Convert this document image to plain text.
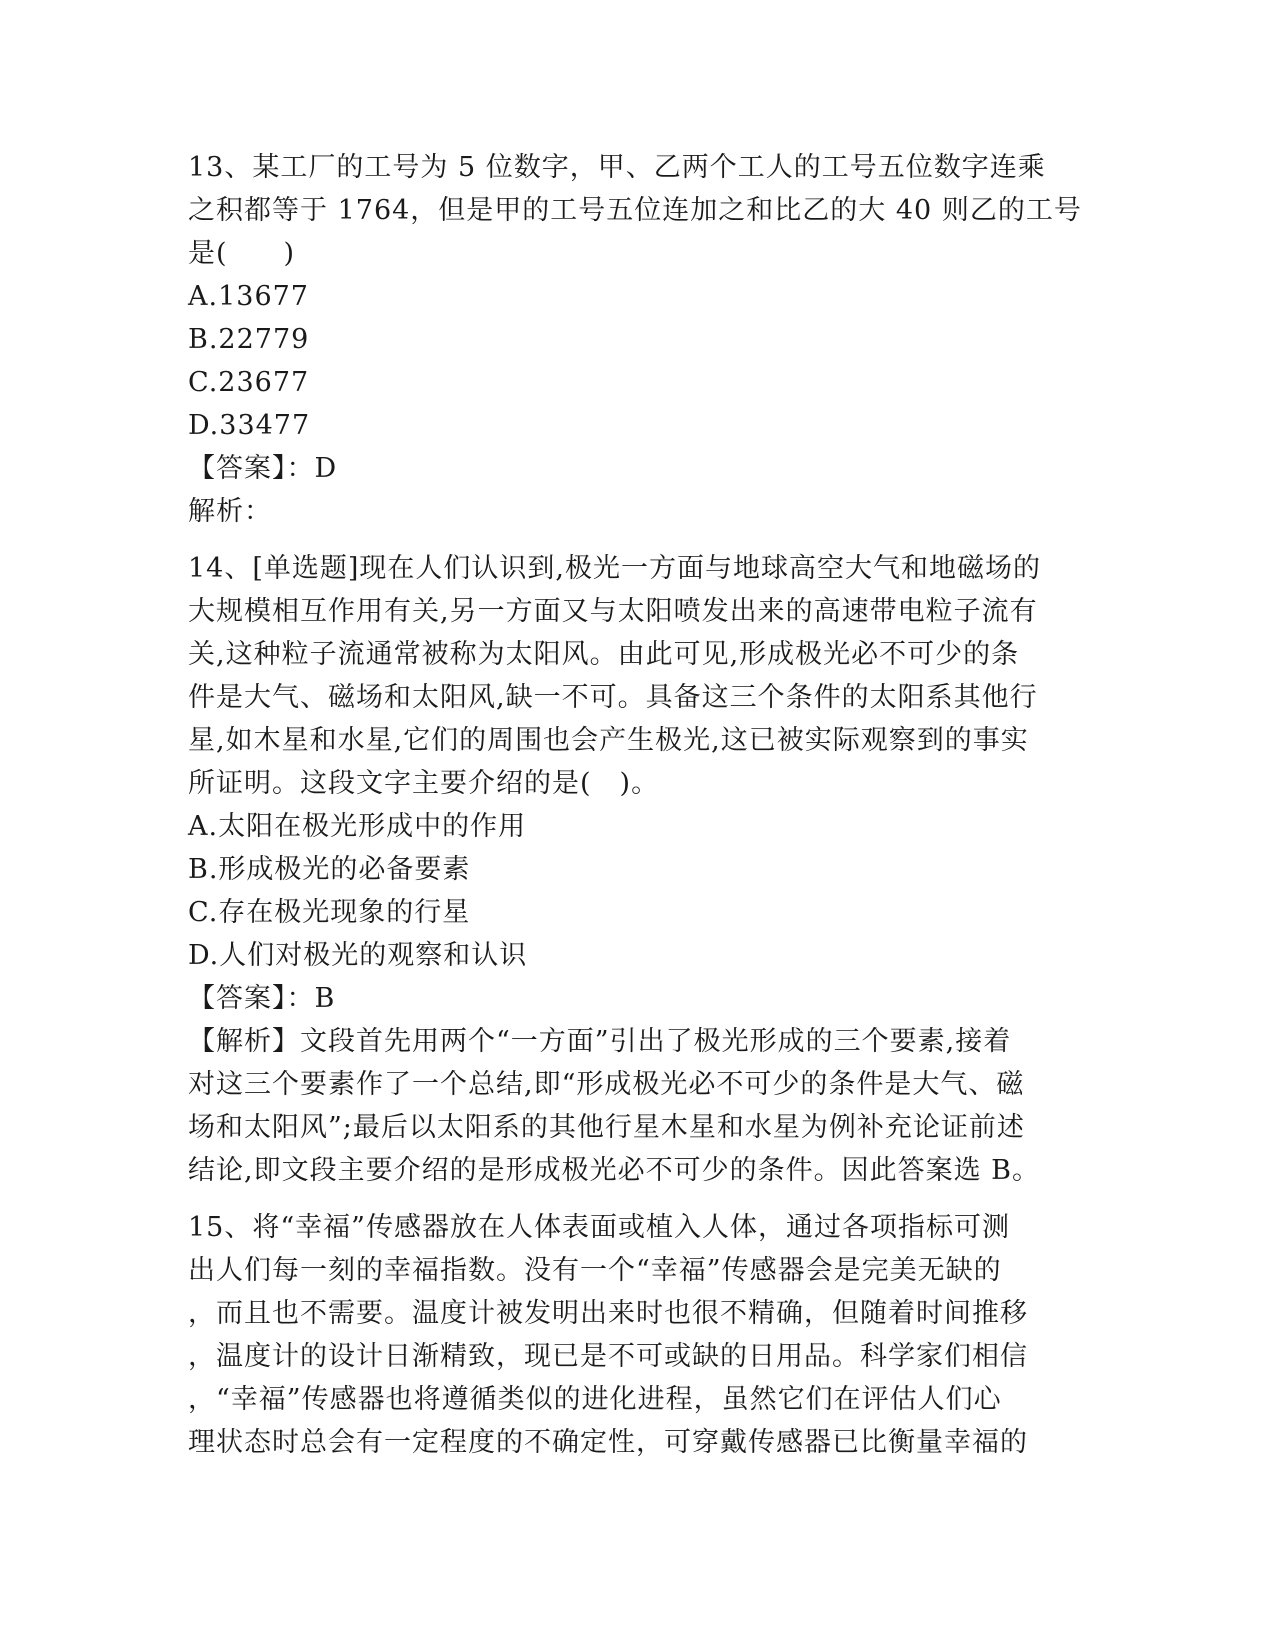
13、某工厂的工号为 5 位数字，甲、乙两个工人的工号五位数字连乘
之积都等于 1764，但是甲的工号五位连加之和比乙的大 40 则乙的工号
是(　　)
A.13677
B.22779
C.23677
D.33477
【答案】：D
解析：
14、[单选题]现在人们认识到,极光一方面与地球高空大气和地磁场的
大规模相互作用有关,另一方面又与太阳喷发出来的高速带电粒子流有
关,这种粒子流通常被称为太阳风。由此可见,形成极光必不可少的条
件是大气、磁场和太阳风,缺一不可。具备这三个条件的太阳系其他行
星,如木星和水星,它们的周围也会产生极光,这已被实际观察到的事实
所证明。这段文字主要介绍的是(　)。
A.太阳在极光形成中的作用
B.形成极光的必备要素
C.存在极光现象的行星
D.人们对极光的观察和认识
【答案】：B
【解析】文段首先用两个“一方面”引出了极光形成的三个要素,接着
对这三个要素作了一个总结,即“形成极光必不可少的条件是大气、磁
场和太阳风”;最后以太阳系的其他行星木星和水星为例补充论证前述
结论,即文段主要介绍的是形成极光必不可少的条件。因此答案选 B。
15、将“幸福”传感器放在人体表面或植入人体，通过各项指标可测
出人们每一刻的幸福指数。没有一个“幸福”传感器会是完美无缺的
，而且也不需要。温度计被发明出来时也很不精确，但随着时间推移
，温度计的设计日渐精致，现已是不可或缺的日用品。科学家们相信
，“幸福”传感器也将遵循类似的进化进程，虽然它们在评估人们心
理状态时总会有一定程度的不确定性，可穿戴传感器已比衡量幸福的
